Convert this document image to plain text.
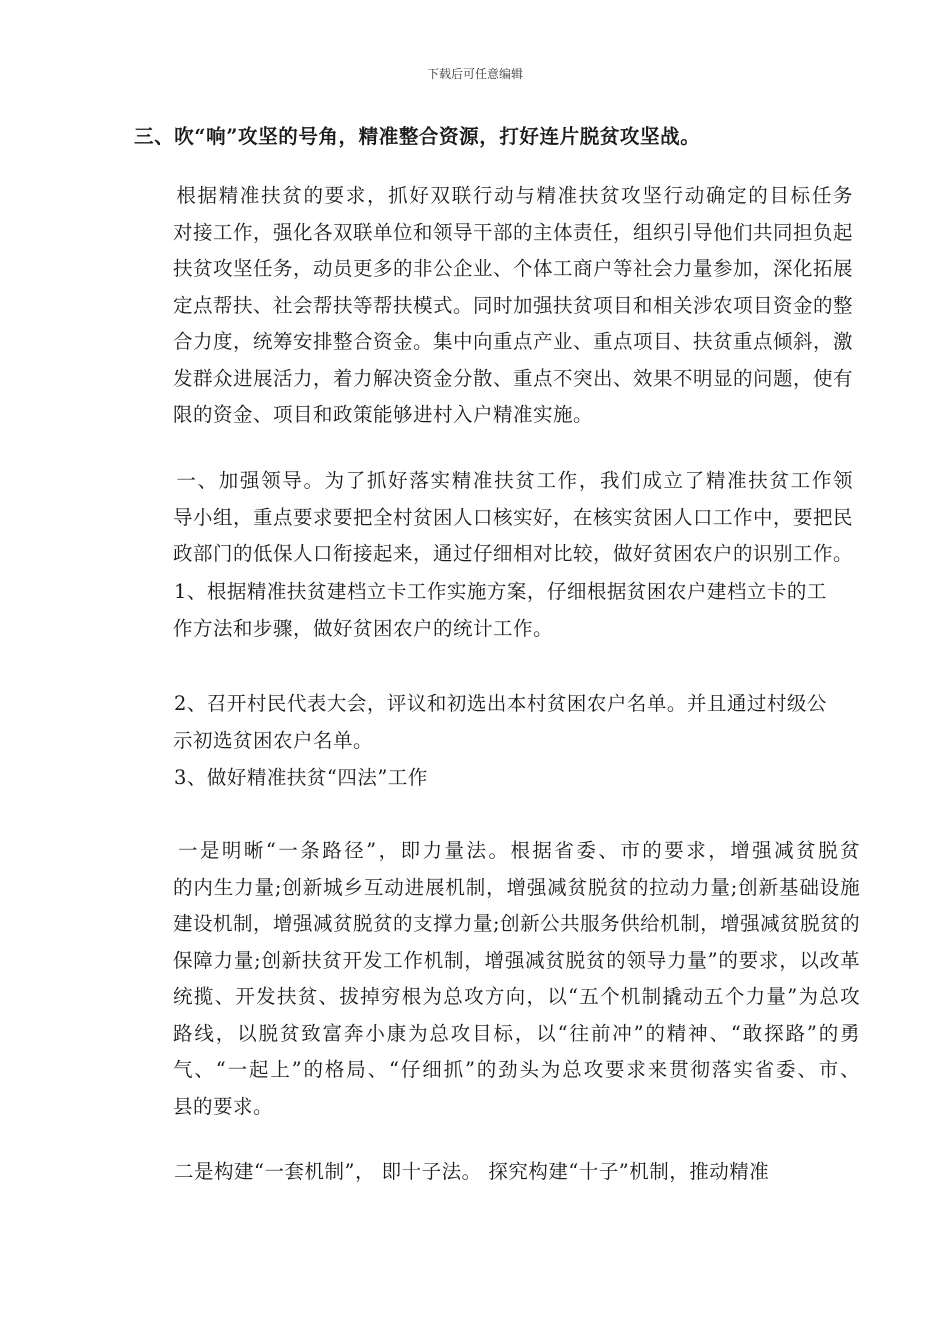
下载后可任意编辑
三、吹“响”攻坚的号角，精准整合资源，打好连片脱贫攻坚战。
　　根据精准扶贫的要求，抓好双联行动与精准扶贫攻坚行动确定的目标任务
对接工作，强化各双联单位和领导干部的主体责任，组织引导他们共同担负起
扶贫攻坚任务，动员更多的非公企业、个体工商户等社会力量参加，深化拓展
定点帮扶、社会帮扶等帮扶模式。同时加强扶贫项目和相关涉农项目资金的整
合力度，统筹安排整合资金。集中向重点产业、重点项目、扶贫重点倾斜，激
发群众进展活力，着力解决资金分散、重点不突出、效果不明显的问题，使有
限的资金、项目和政策能够进村入户精准实施。
　　一、加强领导。为了抓好落实精准扶贫工作，我们成立了精准扶贫工作领
导小组，重点要求要把全村贫困人口核实好，在核实贫困人口工作中，要把民
政部门的低保人口衔接起来，通过仔细相对比较，做好贫困农户的识别工作。
　　1、根据精准扶贫建档立卡工作实施方案，仔细根据贫困农户建档立卡的工
作方法和步骤，做好贫困农户的统计工作。
　　2、召开村民代表大会，评议和初选出本村贫困农户名单。并且通过村级公
示初选贫困农户名单。
　　3、做好精准扶贫“四法”工作
　　一是明晰“一条路径”，即力量法。根据省委、市的要求，增强减贫脱贫
的内生力量;创新城乡互动进展机制，增强减贫脱贫的拉动力量;创新基础设施
建设机制，增强减贫脱贫的支撑力量;创新公共服务供给机制，增强减贫脱贫的
保障力量;创新扶贫开发工作机制，增强减贫脱贫的领导力量”的要求，以改革
统揽、开发扶贫、拔掉穷根为总攻方向，以“五个机制撬动五个力量”为总攻
路线，以脱贫致富奔小康为总攻目标，以“往前冲”的精神、“敢探路”的勇
气、“一起上”的格局、“仔细抓”的劲头为总攻要求来贯彻落实省委、市、
县的要求。
　　二是构建“一套机制”， 即十子法。 探究构建“十子”机制，推动精准
